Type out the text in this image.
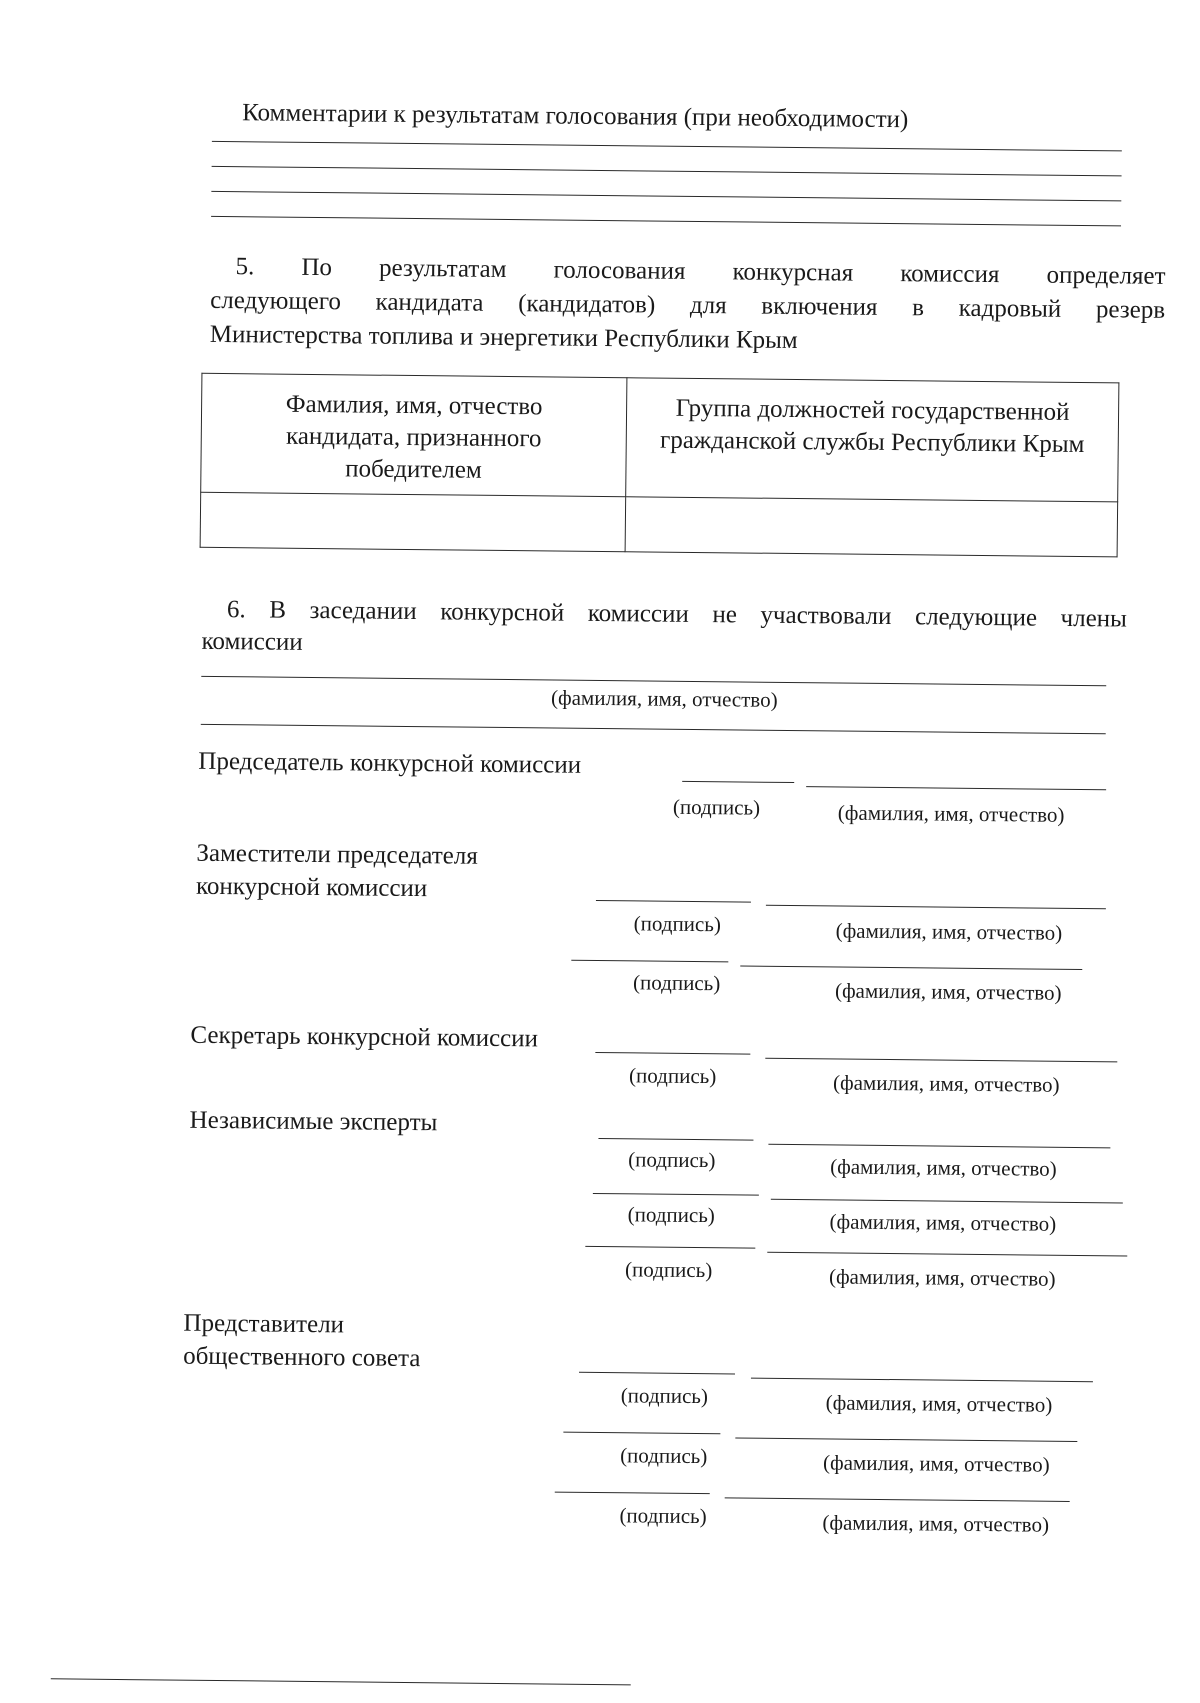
Комментарии к результатам голосования (при необходимости)
5. По результатам голосования конкурсная комиссия определяет
следующего кандидата (кандидатов) для включения в кадровый резерв
Министерства топлива и энергетики Республики Крым
Фамилия, имя, отчество кандидата, признанного победителем	Группа должностей государственной гражданской службы Республики Крым

6. В заседании конкурсной комиссии не участвовали следующие члены
комиссии
(фамилия, имя, отчество)
Председатель конкурсной комиссии
(подпись)	(фамилия, имя, отчество)
Заместители председателя
конкурсной комиссии
(подпись)	(фамилия, имя, отчество)
(подпись)	(фамилия, имя, отчество)
Секретарь конкурсной комиссии
(подпись)	(фамилия, имя, отчество)
Независимые эксперты
(подпись)	(фамилия, имя, отчество)
(подпись)	(фамилия, имя, отчество)
(подпись)	(фамилия, имя, отчество)
Представители
общественного совета
(подпись)	(фамилия, имя, отчество)
(подпись)	(фамилия, имя, отчество)
(подпись)	(фамилия, имя, отчество)
